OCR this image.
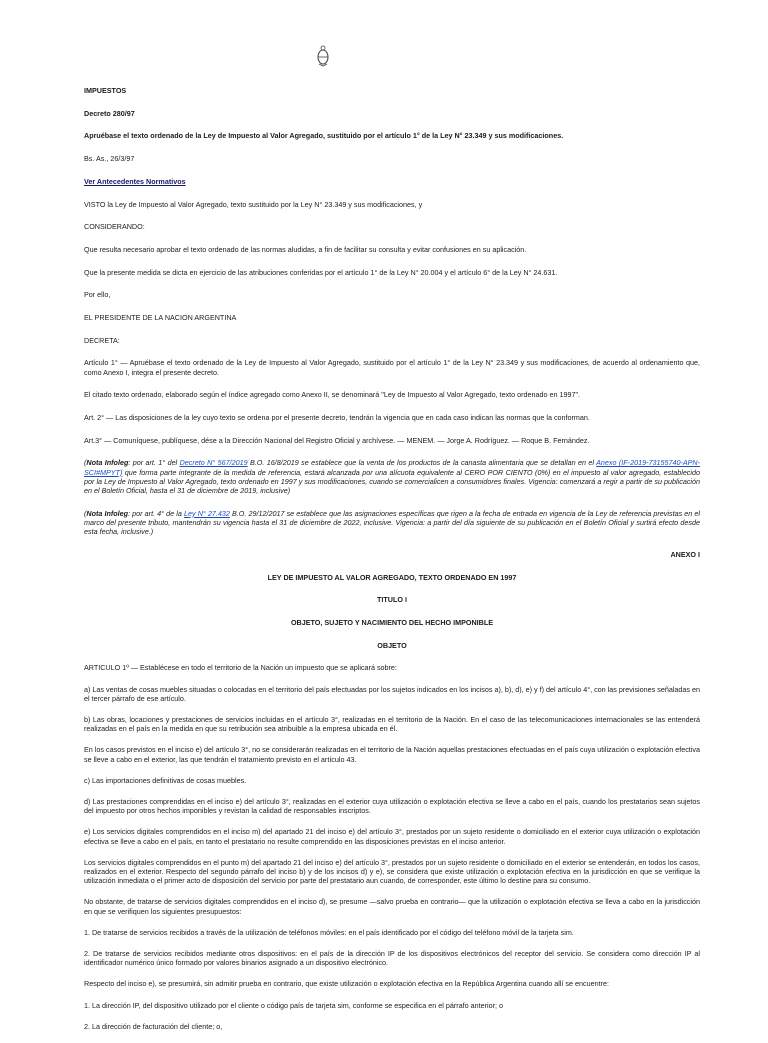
IMPUESTOS

Decreto 280/97

Apruébase el texto ordenado de la Ley de Impuesto al Valor Agregado, sustituido por el artículo 1° de la Ley N° 23.349 y sus modificaciones.

Bs. As., 26/3/97

Ver Antecedentes Normativos

VISTO la Ley de Impuesto al Valor Agregado, texto sustituido por la Ley N° 23.349 y sus modificaciones, y

CONSIDERANDO:

Que resulta necesario aprobar el texto ordenado de las normas aludidas, a fin de facilitar su consulta y evitar confusiones en su aplicación.

Que la presente medida se dicta en ejercicio de las atribuciones conferidas por el artículo 1° de la Ley N° 20.004 y el artículo 6° de la Ley N° 24.631.

Por ello,

EL PRESIDENTE DE LA NACION ARGENTINA

DECRETA:

Artículo 1° — Apruébase el texto ordenado de la Ley de Impuesto al Valor Agregado, sustituido por el artículo 1° de la Ley N° 23.349 y sus modificaciones, de acuerdo al ordenamiento que, como Anexo I, integra el presente decreto.

El citado texto ordenado, elaborado según el índice agregado como Anexo II, se denominará "Ley de Impuesto al Valor Agregado, texto ordenado en 1997".

Art. 2° — Las disposiciones de la ley cuyo texto se ordena por el presente decreto, tendrán la vigencia que en cada caso indican las normas que la conforman.

Art.3° — Comuníquese, publíquese, dése a la Dirección Nacional del Registro Oficial y archívese. — MENEM. — Jorge A. Rodríguez. — Roque B. Fernández.

(Nota Infoleg: por art. 1° del Decreto N° 567/2019 B.O. 16/8/2019 se establece que la venta de los productos de la canasta alimentaria que se detallan en el Anexo (IF-2019-73155740-APN-SCI#MPYT) que forma parte integrante de la medida de referencia, estará alcanzada por una alícuota equivalente al CERO POR CIENTO (0%) en el impuesto al valor agregado, establecido por la Ley de Impuesto al Valor Agregado, texto ordenado en 1997 y sus modificaciones, cuando se comercialicen a consumidores finales. Vigencia: comenzará a regir a partir de su publicación en el Boletín Oficial, hasta el 31 de diciembre de 2019, inclusive)

(Nota Infoleg: por art. 4° de la Ley N° 27.432 B.O. 29/12/2017 se establece que las asignaciones específicas que rigen a la fecha de entrada en vigencia de la Ley de referencia previstas en el marco del presente tributo, mantendrán su vigencia hasta el 31 de diciembre de 2022, inclusive. Vigencia: a partir del día siguiente de su publicación en el Boletín Oficial y surtirá efecto desde esta fecha, inclusive.)

ANEXO I

LEY DE IMPUESTO AL VALOR AGREGADO, TEXTO ORDENADO EN 1997

TITULO I

OBJETO, SUJETO Y NACIMIENTO DEL HECHO IMPONIBLE

OBJETO

ARTICULO 1º — Establécese en todo el territorio de la Nación un impuesto que se aplicará sobre:

a) Las ventas de cosas muebles situadas o colocadas en el territorio del país efectuadas por los sujetos indicados en los incisos a), b), d), e) y f) del artículo 4°, con las previsiones señaladas en el tercer párrafo de ese artículo.

b) Las obras, locaciones y prestaciones de servicios incluidas en el artículo 3°, realizadas en el territorio de la Nación. En el caso de las telecomunicaciones internacionales se las entenderá realizadas en el país en la medida en que su retribución sea atribuible a la empresa ubicada en él.

En los casos previstos en el inciso e) del artículo 3°, no se considerarán realizadas en el territorio de la Nación aquellas prestaciones efectuadas en el país cuya utilización o explotación efectiva se lleve a cabo en el exterior, las que tendrán el tratamiento previsto en el artículo 43.

c) Las importaciones definitivas de cosas muebles.

d) Las prestaciones comprendidas en el inciso e) del artículo 3°, realizadas en el exterior cuya utilización o explotación efectiva se lleve a cabo en el país, cuando los prestatarios sean sujetos del impuesto por otros hechos imponibles y revistan la calidad de responsables inscriptos.

e) Los servicios digitales comprendidos en el inciso m) del apartado 21 del inciso e) del artículo 3°, prestados por un sujeto residente o domiciliado en el exterior cuya utilización o explotación efectiva se lleve a cabo en el país, en tanto el prestatario no resulte comprendido en las disposiciones previstas en el inciso anterior.

Los servicios digitales comprendidos en el punto m) del apartado 21 del inciso e) del artículo 3°, prestados por un sujeto residente o domiciliado en el exterior se entenderán, en todos los casos, realizados en el exterior. Respecto del segundo párrafo del inciso b) y de los incisos d) y e), se considera que existe utilización o explotación efectiva en la jurisdicción en que se verifique la utilización inmediata o el primer acto de disposición del servicio por parte del prestatario aun cuando, de corresponder, este último lo destine para su consumo.

No obstante, de tratarse de servicios digitales comprendidos en el inciso d), se presume —salvo prueba en contrario— que la utilización o explotación efectiva se lleva a cabo en la jurisdicción en que se verifiquen los siguientes presupuestos:

1. De tratarse de servicios recibidos a través de la utilización de teléfonos móviles: en el país identificado por el código del teléfono móvil de la tarjeta sim.

2. De tratarse de servicios recibidos mediante otros dispositivos: en el país de la dirección IP de los dispositivos electrónicos del receptor del servicio. Se considera como dirección IP al identificador numérico único formado por valores binarios asignado a un dispositivo electrónico.

Respecto del inciso e), se presumirá, sin admitir prueba en contrario, que existe utilización o explotación efectiva en la República Argentina cuando allí se encuentre:

1. La dirección IP, del dispositivo utilizado por el cliente o código país de tarjeta sim, conforme se especifica en el párrafo anterior; o

2. La dirección de facturación del cliente; o,
